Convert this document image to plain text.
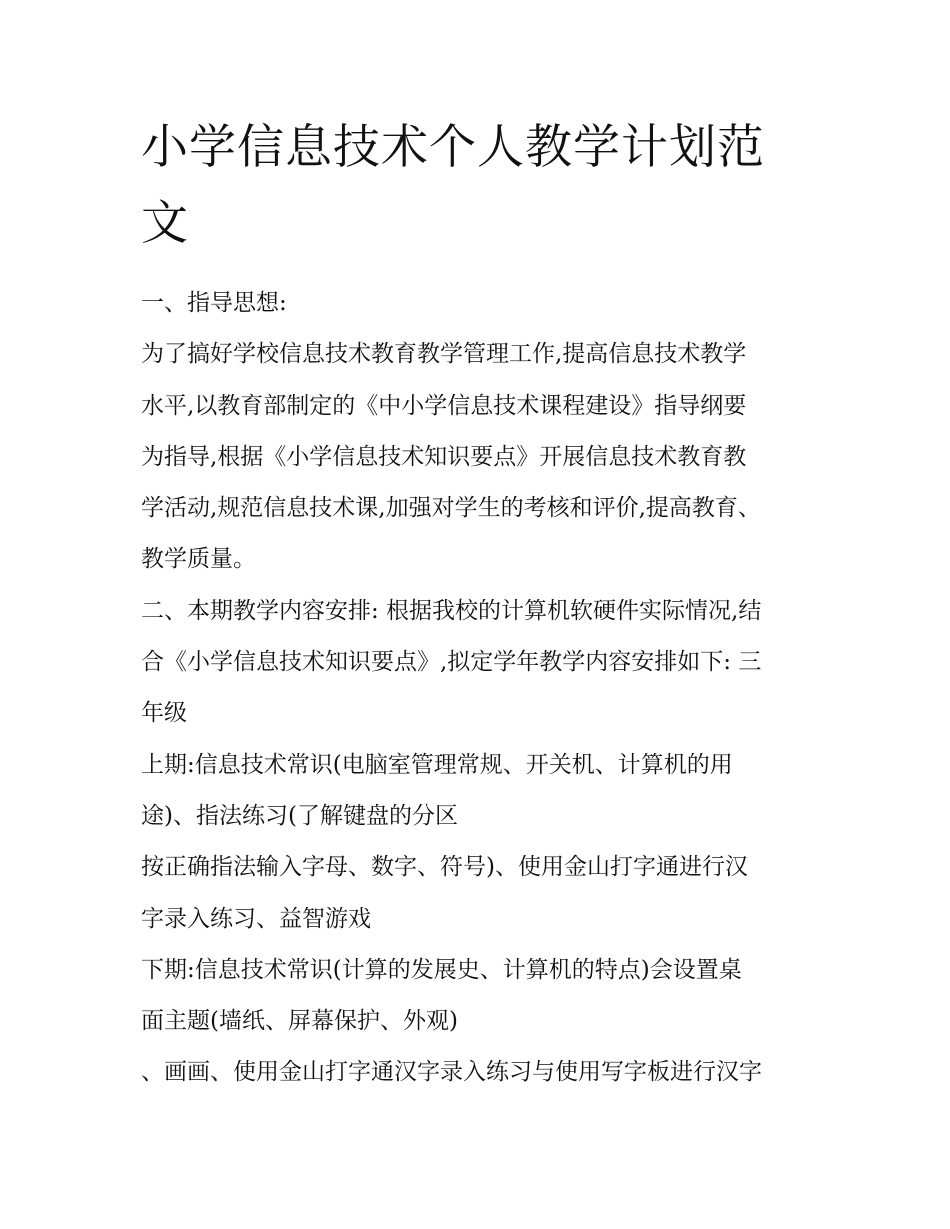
小学信息技术个人教学计划范
文
一、指导思想:
为了搞好学校信息技术教育教学管理工作,提高信息技术教学
水平,以教育部制定的《中小学信息技术课程建设》指导纲要
为指导,根据《小学信息技术知识要点》开展信息技术教育教
学活动,规范信息技术课,加强对学生的考核和评价,提高教育、
教学质量。
二、本期教学内容安排: 根据我校的计算机软硬件实际情况,结
合《小学信息技术知识要点》,拟定学年教学内容安排如下: 三
年级
上期:信息技术常识(电脑室管理常规、开关机、计算机的用
途)、指法练习(了解键盘的分区
按正确指法输入字母、数字、符号)、使用金山打字通进行汉
字录入练习、益智游戏
下期:信息技术常识(计算的发展史、计算机的特点)会设置桌
面主题(墙纸、屏幕保护、外观)
、画画、使用金山打字通汉字录入练习与使用写字板进行汉字
